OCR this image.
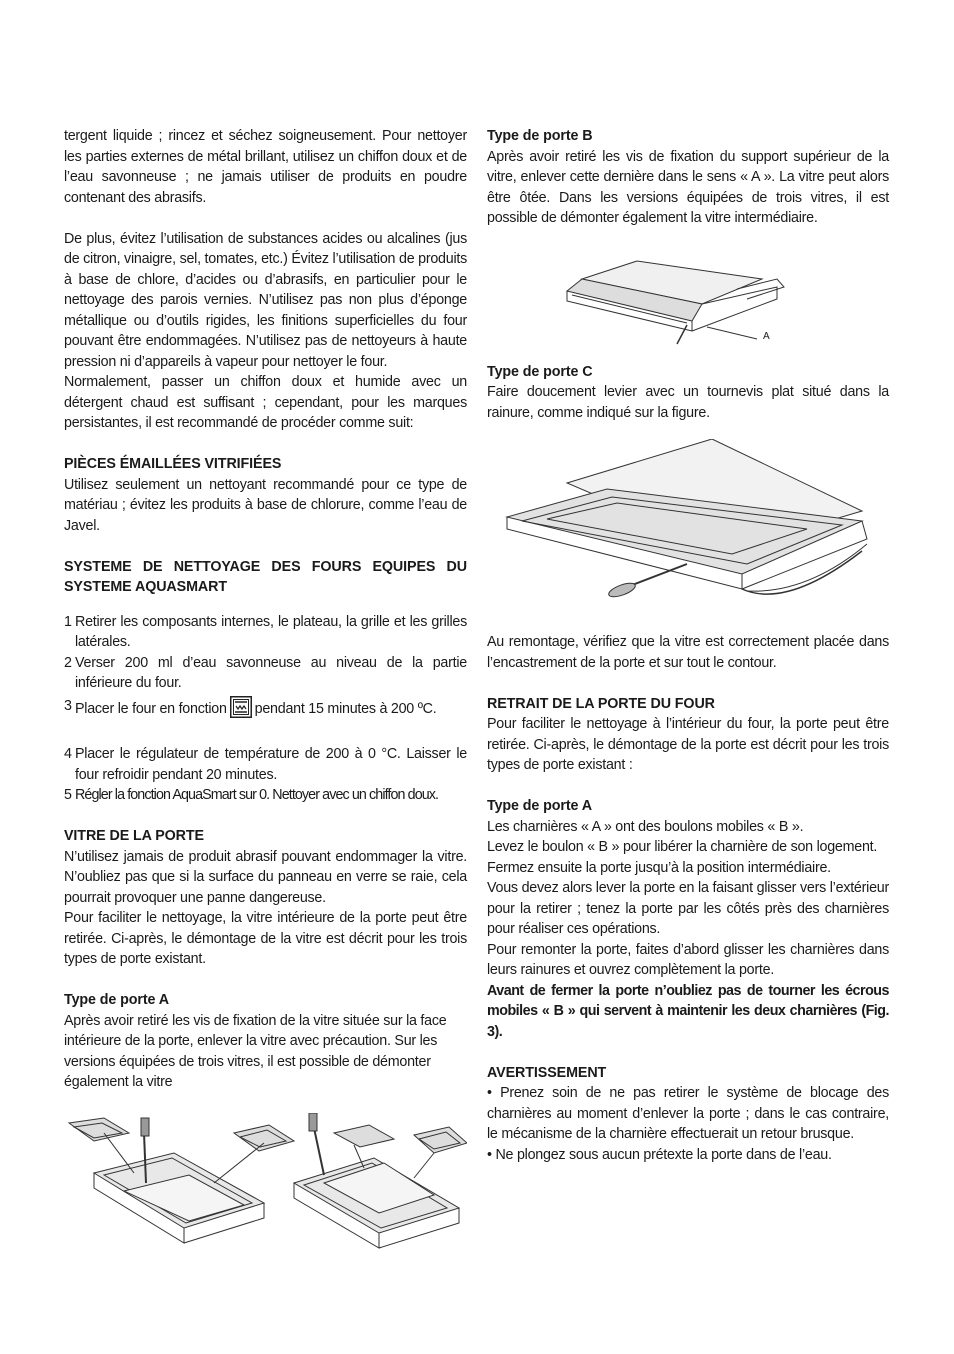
tergent liquide ; rincez et séchez soigneusement. Pour nettoyer les parties externes de métal brillant, utilisez un chiffon doux et de l’eau savonneuse ; ne jamais utiliser de produits en poudre contenant des abrasifs.

De plus, évitez l’utilisation de substances acides ou alcalines (jus de citron, vinaigre, sel, tomates, etc.) Évitez l’utilisation de produits à base de chlore, d’acides ou d’abrasifs, en particulier pour le nettoyage des parois vernies. N’utilisez pas non plus d’éponge métallique ou d’outils rigides, les finitions superficielles du four pouvant être endommagées. N’utilisez pas de nettoyeurs à haute pression ni d’appareils à vapeur pour nettoyer le four.

Normalement, passer un chiffon doux et humide avec un détergent chaud est suffisant ; cependant, pour les marques persistantes, il est recommandé de procéder comme suit:

PIÈCES ÉMAILLÉES VITRIFIÉES

Utilisez seulement un nettoyant recommandé pour ce type de matériau ; évitez les produits à base de chlorure, comme l’eau de Javel.

SYSTEME DE NETTOYAGE DES FOURS EQUIPES DU SYSTEME AQUASMART

1 Retirer les composants internes, le plateau, la grille et les grilles latérales.
2 Verser 200 ml d’eau savonneuse au niveau de la partie inférieure du four.
3 Placer le four en fonction pendant 15 minutes à 200 ºC.
4 Placer le régulateur de température de 200 à 0 °C. Laisser le four refroidir pendant 20 minutes.
5 Régler la fonction AquaSmart sur 0. Nettoyer avec un chiffon doux.

VITRE DE LA PORTE

N’utilisez jamais de produit abrasif pouvant endommager la vitre. N’oubliez pas que si la surface du panneau en verre se raie, cela pourrait provoquer une panne dangereuse.

Pour faciliter le nettoyage, la vitre intérieure de la porte peut être retirée. Ci-après, le démontage de la vitre est décrit pour les trois types de porte existant.

Type de porte A

Après avoir retiré les vis de fixation de la vitre située sur la face intérieure de la porte, enlever la vitre avec précaution. Sur les versions équipées de trois vitres, il est possible de démonter également la vitre

Type de porte B

Après avoir retiré les vis de fixation du support supérieur de la vitre, enlever cette dernière dans le sens « A ». La vitre peut alors être ôtée. Dans les versions équipées de trois vitres, il est possible de démonter également la vitre intermédiaire.

A

Type de porte C

Faire doucement levier avec un tournevis plat situé dans la rainure, comme indiqué sur la figure.

Au remontage, vérifiez que la vitre est correctement placée dans l’encastrement de la porte et sur tout le contour.

RETRAIT DE LA PORTE DU FOUR

Pour faciliter le nettoyage à l’intérieur du four, la porte peut être retirée. Ci-après, le démontage de la porte est décrit pour les trois types de porte existant :

Type de porte A

Les charnières « A » ont des boulons mobiles « B ».

Levez le boulon « B » pour libérer la charnière de son logement. Fermez ensuite la porte jusqu’à la position intermédiaire.

Vous devez alors lever la porte en la faisant glisser vers l’extérieur pour la retirer ; tenez la porte par les côtés près des charnières pour réaliser ces opérations.

Pour remonter la porte, faites d’abord glisser les charnières dans leurs rainures et ouvrez complètement la porte.

Avant de fermer la porte n’oubliez pas de tourner les écrous mobiles « B » qui servent à maintenir les deux charnières (Fig. 3).

AVERTISSEMENT

• Prenez soin de ne pas retirer le système de blocage des charnières au moment d’enlever la porte ; dans le cas contraire, le mécanisme de la charnière effectuerait un retour brusque.

• Ne plongez sous aucun prétexte la porte dans de l’eau.
